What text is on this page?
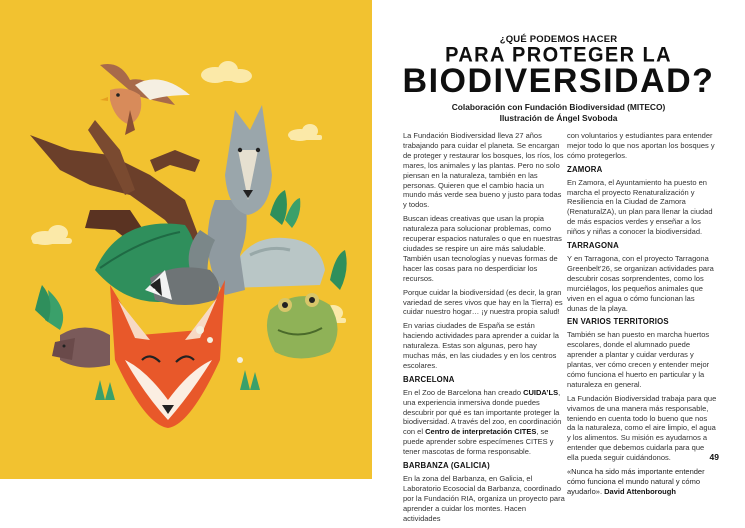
¿QUÉ PODEMOS HACER
PARA PROTEGER LA
BIODIVERSIDAD?
Colaboración con Fundación Biodiversidad (MITECO)
Ilustración de Ángel Svoboda

La Fundación Biodiversidad lleva 27 años trabajando para cuidar el planeta. Se encargan de proteger y restaurar los bosques, los ríos, los mares, los animales y las plantas. Pero no solo piensan en la naturaleza, también en las personas. Quieren que el cambio hacia un mundo más verde sea bueno y justo para todas y todos.

Buscan ideas creativas que usan la propia naturaleza para solucionar problemas, como recuperar espacios naturales o que en nuestras ciudades se respire un aire más saludable. También usan tecnologías y nuevas formas de hacer las cosas para no desperdiciar los recursos.

Porque cuidar la biodiversidad (es decir, la gran variedad de seres vivos que hay en la Tierra) es cuidar nuestro hogar… ¡y nuestra propia salud!

En varias ciudades de España se están haciendo actividades para aprender a cuidar la naturaleza. Estas son algunas, pero hay muchas más, en las ciudades y en los centros escolares.

BARCELONA

En el Zoo de Barcelona han creado CUIDA’LS, una experiencia inmersiva donde puedes descubrir por qué es tan importante proteger la biodiversidad. A través del zoo, en coordinación con el Centro de interpretación CITES, se puede aprender sobre especímenes CITES y tener mascotas de forma responsable.

BARBANZA (GALICIA)

En la zona del Barbanza, en Galicia, el Laboratorio Ecosocial da Barbanza, coordinado por la Fundación RIA, organiza un proyecto para aprender a cuidar los montes. Hacen actividades

con voluntarios y estudiantes para entender mejor todo lo que nos aportan los bosques y cómo protegerlos.

ZAMORA

En Zamora, el Ayuntamiento ha puesto en marcha el proyecto Renaturalización y Resiliencia en la Ciudad de Zamora (RenaturalZA), un plan para llenar la ciudad de más espacios verdes y enseñar a los niños y niñas a conocer la biodiversidad.

TARRAGONA

Y en Tarragona, con el proyecto Tarragona Greenbelt’26, se organizan actividades para descubrir cosas sorprendentes, como los murciélagos, los pequeños animales que viven en el agua o cómo funcionan las dunas de la playa.

EN VARIOS TERRITORIOS

También se han puesto en marcha huertos escolares, donde el alumnado puede aprender a plantar y cuidar verduras y plantas, ver cómo crecen y entender mejor cómo funciona el huerto en particular y la naturaleza en general.

La Fundación Biodiversidad trabaja para que vivamos de una manera más responsable, teniendo en cuenta todo lo bueno que nos da la naturaleza, como el aire limpio, el agua y los alimentos. Su misión es ayudarnos a entender que debemos cuidarla para que ella pueda seguir cuidándonos.

«Nunca ha sido más importante entender cómo funciona el mundo natural y cómo ayudarlo». David Attenborough

49
